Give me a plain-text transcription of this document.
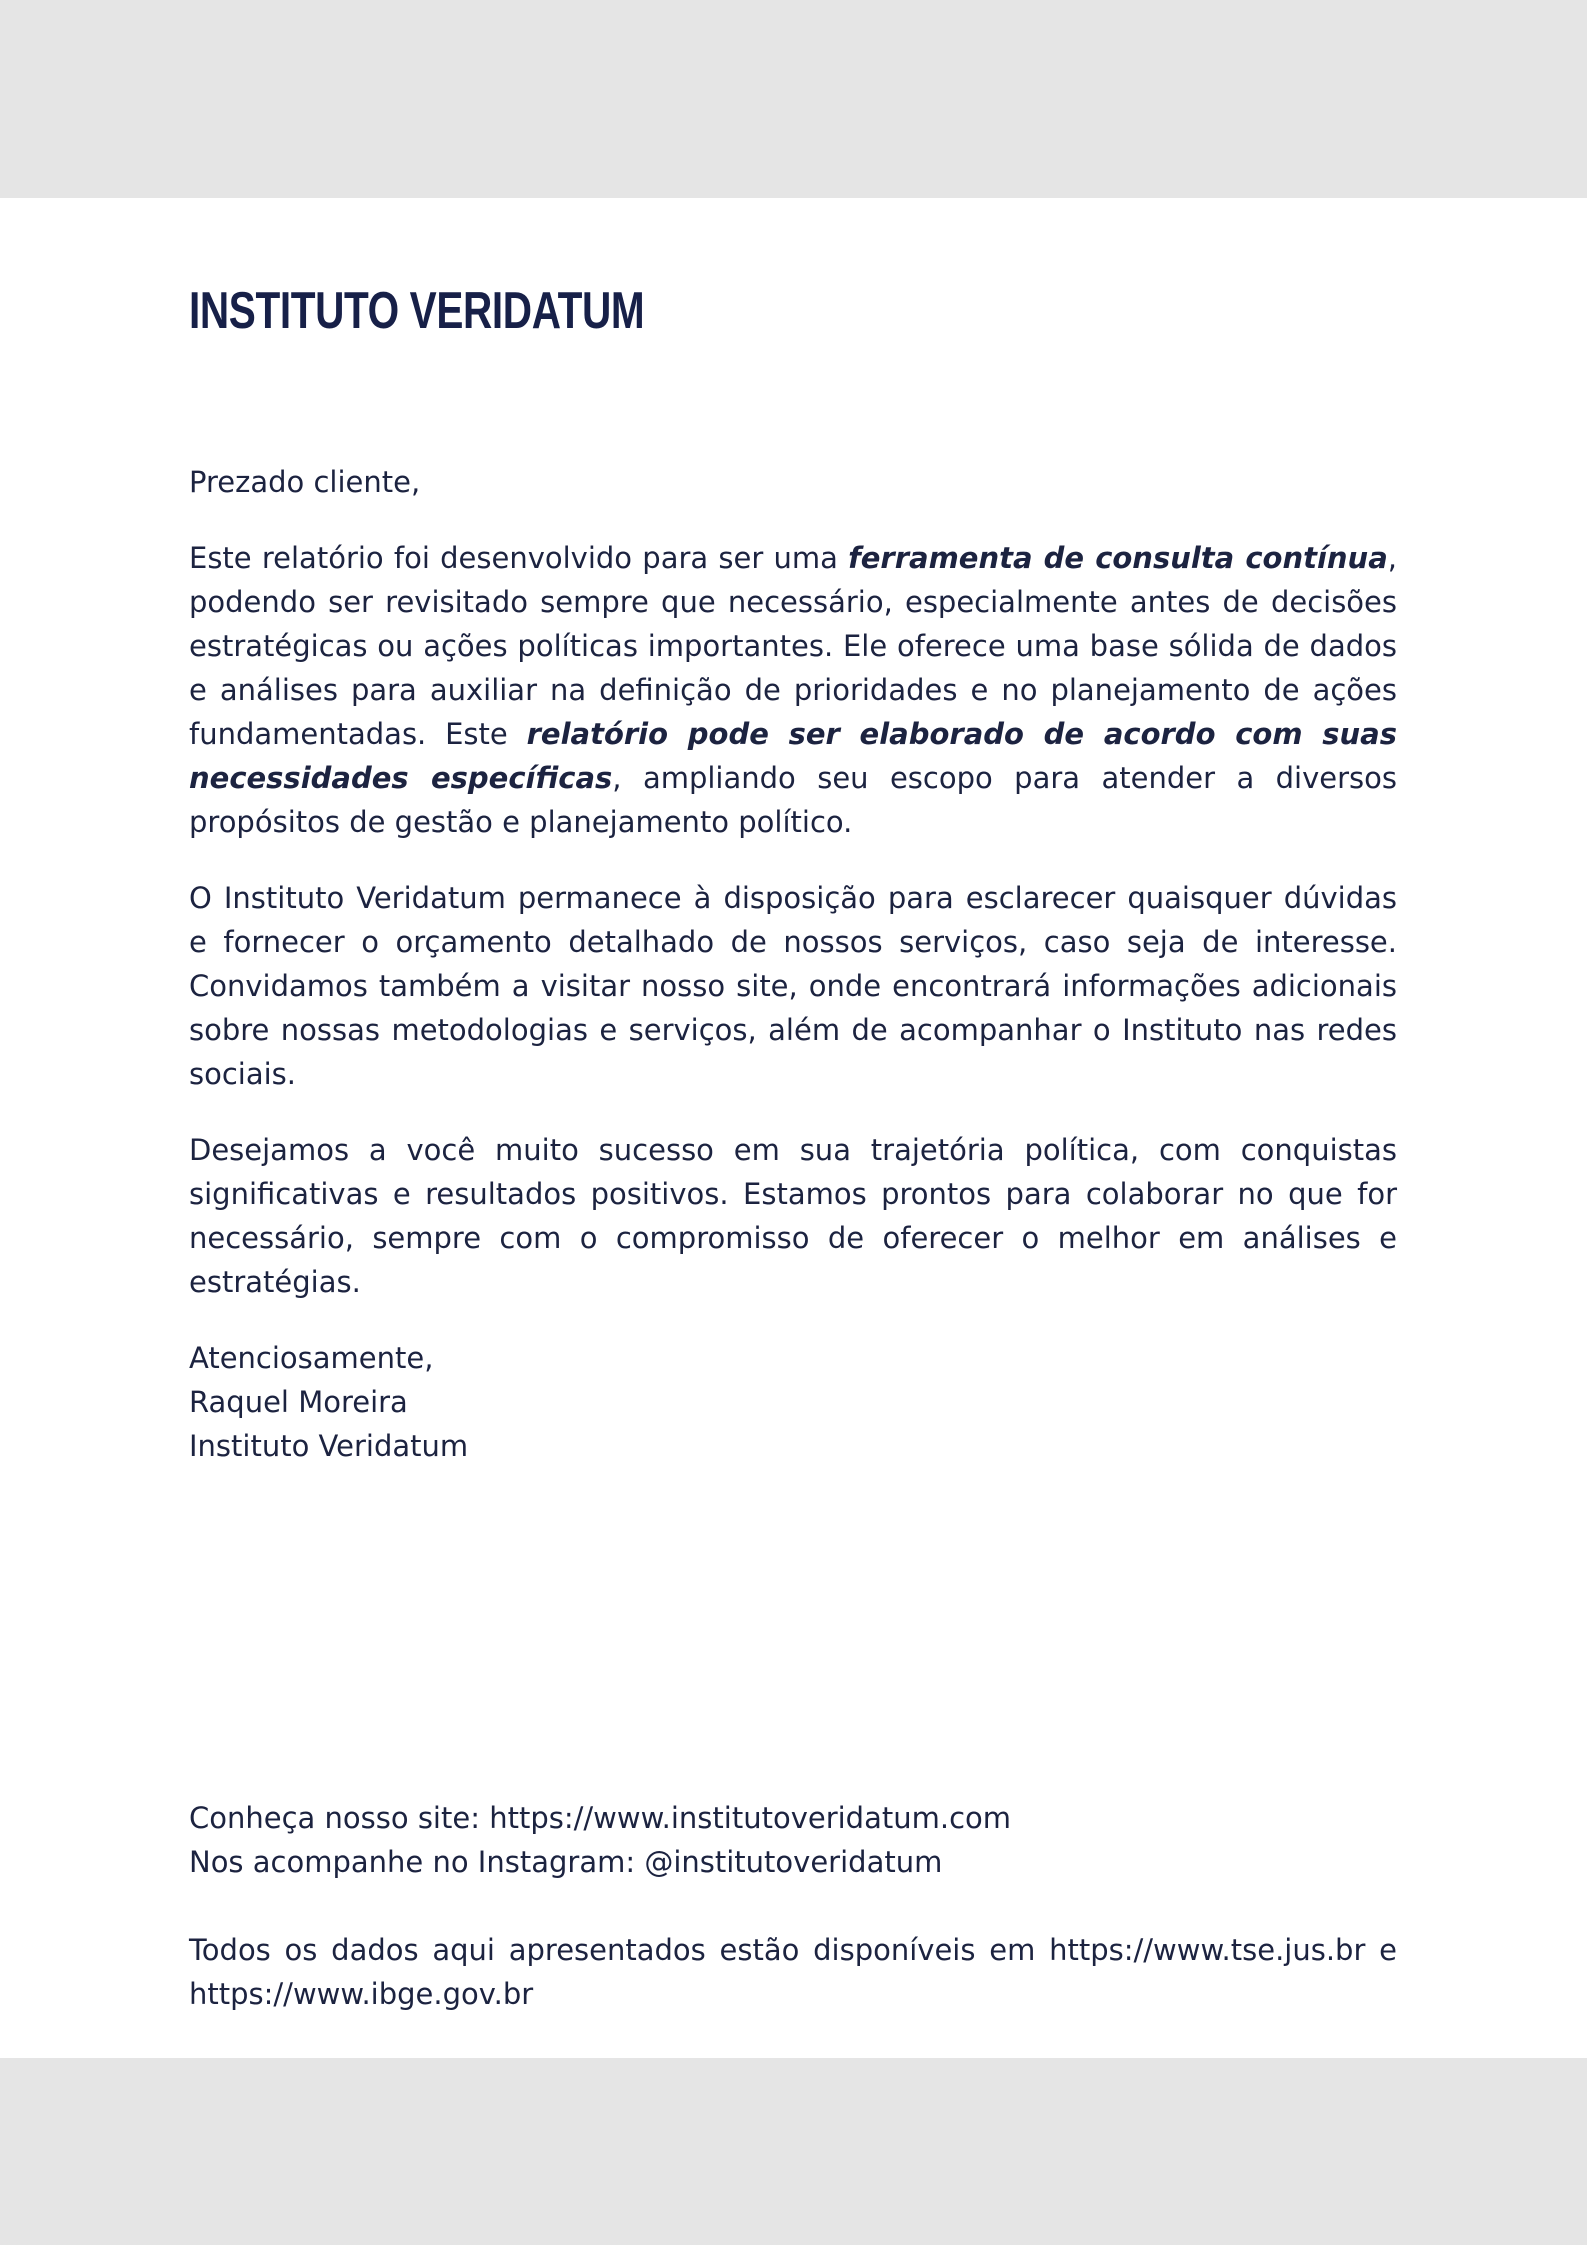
INSTITUTO VERIDATUM

Prezado cliente,

Este relatório foi desenvolvido para ser uma ferramenta de consulta contínua, podendo ser revisitado sempre que necessário, especialmente antes de decisões estratégicas ou ações políticas importantes. Ele oferece uma base sólida de dados e análises para auxiliar na definição de prioridades e no planejamento de ações fundamentadas. Este relatório pode ser elaborado de acordo com suas necessidades específicas, ampliando seu escopo para atender a diversos propósitos de gestão e planejamento político.

O Instituto Veridatum permanece à disposição para esclarecer quaisquer dúvidas e fornecer o orçamento detalhado de nossos serviços, caso seja de interesse. Convidamos também a visitar nosso site, onde encontrará informações adicionais sobre nossas metodologias e serviços, além de acompanhar o Instituto nas redes sociais.

Desejamos a você muito sucesso em sua trajetória política, com conquistas significativas e resultados positivos. Estamos prontos para colaborar no que for necessário, sempre com o compromisso de oferecer o melhor em análises e estratégias.

Atenciosamente,
Raquel Moreira
Instituto Veridatum
Conheça nosso site: https://www.institutoveridatum.com
Nos acompanhe no Instagram: @institutoveridatum
Todos os dados aqui apresentados estão disponíveis em https://www.tse.jus.br e https://www.ibge.gov.br
